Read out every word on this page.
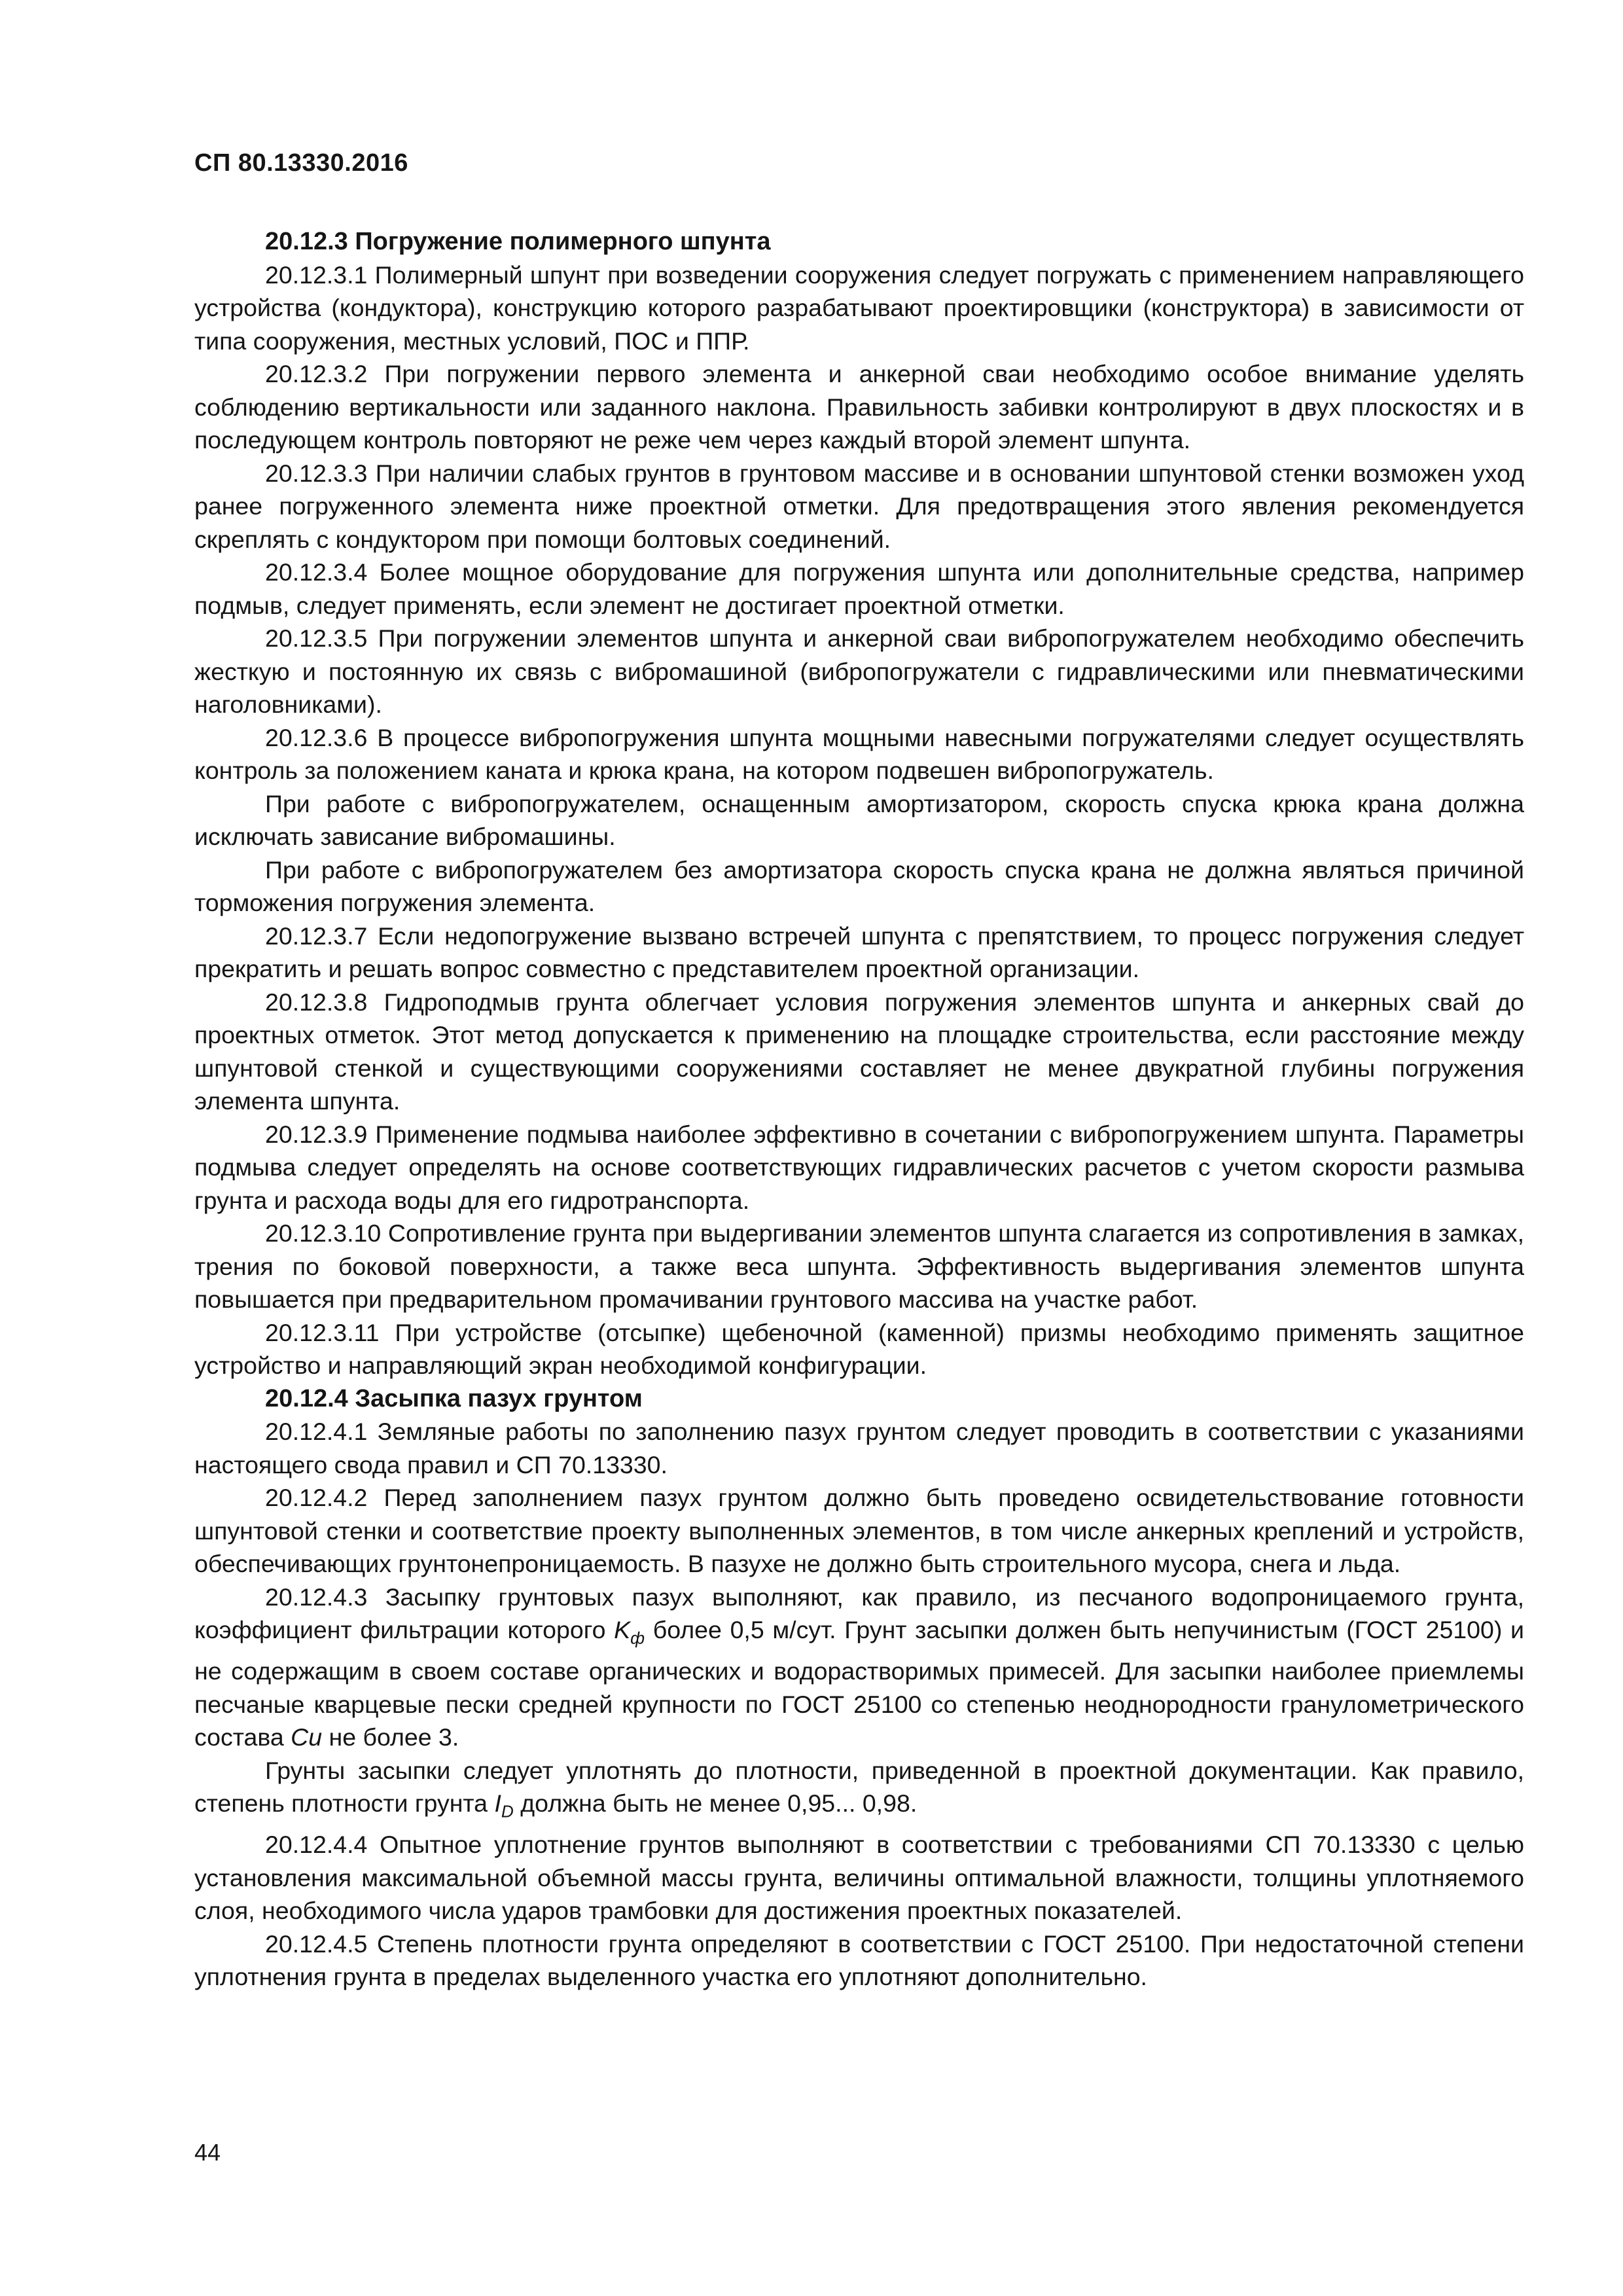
СП 80.13330.2016
20.12.3 Погружение полимерного шпунта

20.12.3.1 Полимерный шпунт при возведении сооружения следует погружать с применением направляющего устройства (кондуктора), конструкцию которого разрабатывают проектировщики (конструктора) в зависимости от типа сооружения, местных условий, ПОС и ППР.

20.12.3.2 При погружении первого элемента и анкерной сваи необходимо особое внимание уделять соблюдению вертикальности или заданного наклона. Правильность забивки контролируют в двух плоскостях и в последующем контроль повторяют не реже чем через каждый второй элемент шпунта.

20.12.3.3 При наличии слабых грунтов в грунтовом массиве и в основании шпунтовой стенки возможен уход ранее погруженного элемента ниже проектной отметки. Для предотвращения этого явления рекомендуется скреплять с кондуктором при помощи болтовых соединений.

20.12.3.4 Более мощное оборудование для погружения шпунта или дополнительные средства, например подмыв, следует применять, если элемент не достигает проектной отметки.

20.12.3.5 При погружении элементов шпунта и анкерной сваи вибропогружателем необходимо обеспечить жесткую и постоянную их связь с вибромашиной (вибропогружатели с гидравлическими или пневматическими наголовниками).

20.12.3.6 В процессе вибропогружения шпунта мощными навесными погружателями следует осуществлять контроль за положением каната и крюка крана, на котором подвешен вибропогружатель.

При работе с вибропогружателем, оснащенным амортизатором, скорость спуска крюка крана должна исключать зависание вибромашины.

При работе с вибропогружателем без амортизатора скорость спуска крана не должна являться причиной торможения погружения элемента.

20.12.3.7 Если недопогружение вызвано встречей шпунта с препятствием, то процесс погружения следует прекратить и решать вопрос совместно с представителем проектной организации.

20.12.3.8 Гидроподмыв грунта облегчает условия погружения элементов шпунта и анкерных свай до проектных отметок. Этот метод допускается к применению на площадке строительства, если расстояние между шпунтовой стенкой и существующими сооружениями составляет не менее двукратной глубины погружения элемента шпунта.

20.12.3.9 Применение подмыва наиболее эффективно в сочетании с вибропогружением шпунта. Параметры подмыва следует определять на основе соответствующих гидравлических расчетов с учетом скорости размыва грунта и расхода воды для его гидротранспорта.

20.12.3.10 Сопротивление грунта при выдергивании элементов шпунта слагается из сопротивления в замках, трения по боковой поверхности, а также веса шпунта. Эффективность выдергивания элементов шпунта повышается при предварительном промачивании грунтового массива на участке работ.

20.12.3.11 При устройстве (отсыпке) щебеночной (каменной) призмы необходимо применять защитное устройство и направляющий экран необходимой конфигурации.

20.12.4 Засыпка пазух грунтом

20.12.4.1 Земляные работы по заполнению пазух грунтом следует проводить в соответствии с указаниями настоящего свода правил и СП 70.13330.

20.12.4.2 Перед заполнением пазух грунтом должно быть проведено освидетельствование готовности шпунтовой стенки и соответствие проекту выполненных элементов, в том числе анкерных креплений и устройств, обеспечивающих грунтонепроницаемость. В пазухе не должно быть строительного мусора, снега и льда.

20.12.4.3 Засыпку грунтовых пазух выполняют, как правило, из песчаного водопроницаемого грунта, коэффициент фильтрации которого $K_ф$ более 0,5 м/сут. Грунт засыпки должен быть непучинистым (ГОСТ 25100) и не содержащим в своем составе органических и водорастворимых примесей. Для засыпки наиболее приемлемы песчаные кварцевые пески средней крупности по ГОСТ 25100 со степенью неоднородности гранулометрического состава Cu не более 3.

Грунты засыпки следует уплотнять до плотности, приведенной в проектной документации. Как правило, степень плотности грунта $I_D$ должна быть не менее 0,95... 0,98.

20.12.4.4 Опытное уплотнение грунтов выполняют в соответствии с требованиями СП 70.13330 с целью установления максимальной объемной массы грунта, величины оптимальной влажности, толщины уплотняемого слоя, необходимого числа ударов трамбовки для достижения проектных показателей.

20.12.4.5 Степень плотности грунта определяют в соответствии с ГОСТ 25100. При недостаточной степени уплотнения грунта в пределах выделенного участка его уплотняют дополнительно.

44
